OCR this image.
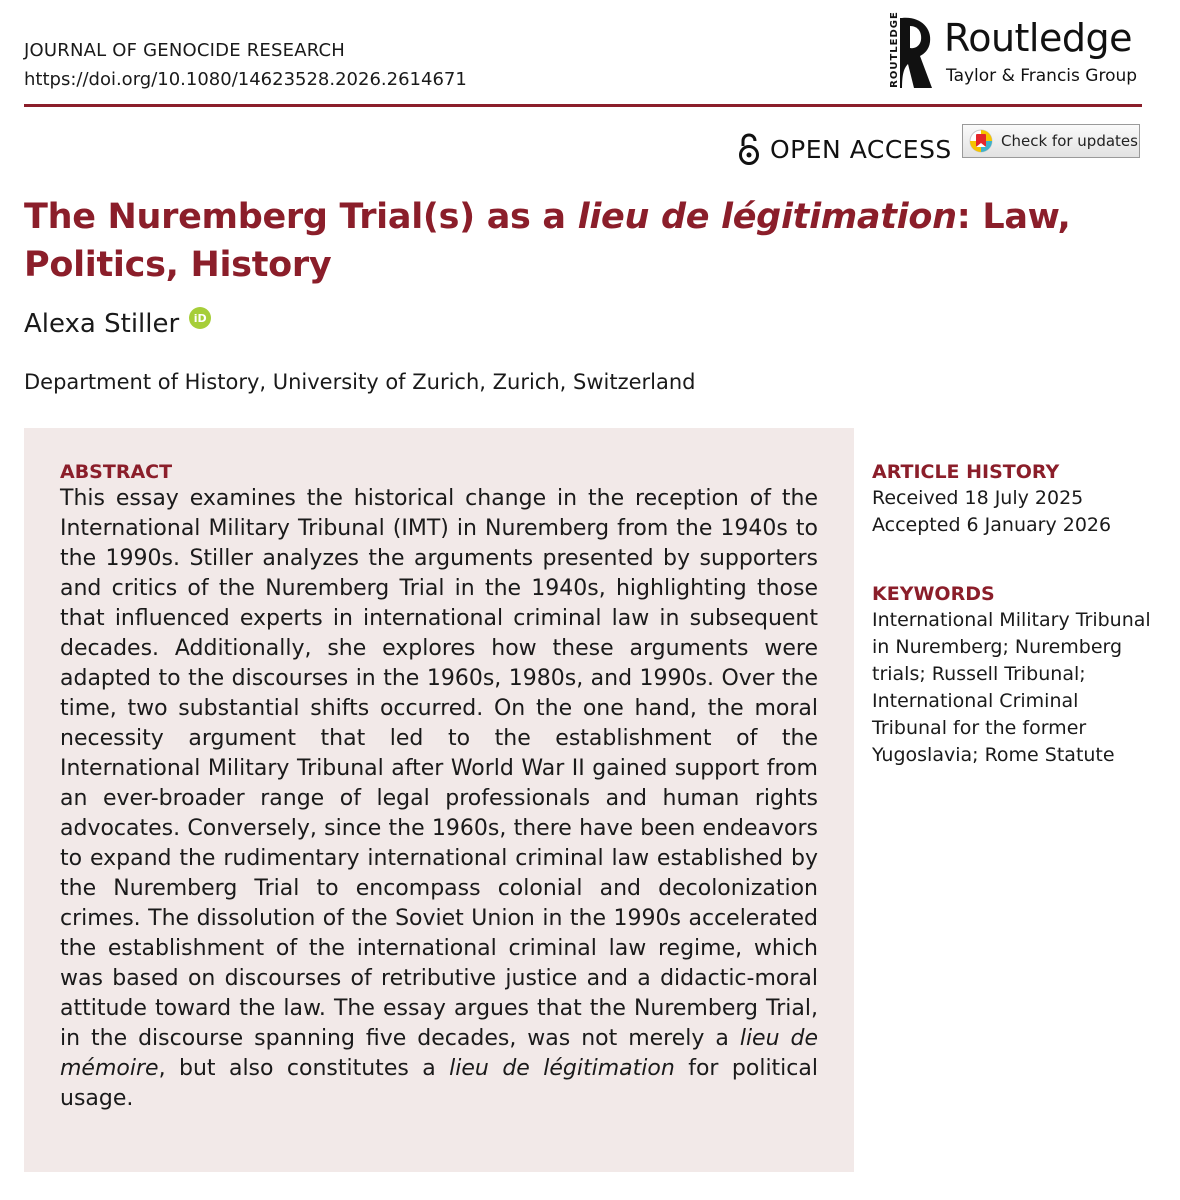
JOURNAL OF GENOCIDE RESEARCH
https://doi.org/10.1080/14623528.2026.2614671	ROUTLEDGE Routledge
Taylor & Francis Group
OPEN ACCESS	Check for updates
The Nuremberg Trial(s) as a lieu de légitimation: Law, Politics, History
Alexa Stiller	iD
Department of History, University of Zurich, Zurich, Switzerland

ABSTRACT

This essay examines the historical change in the reception of the International Military Tribunal (IMT) in Nuremberg from the 1940s to the 1990s. Stiller analyzes the arguments presented by supporters and critics of the Nuremberg Trial in the 1940s, highlighting those that influenced experts in international criminal law in subsequent decades. Additionally, she explores how these arguments were adapted to the discourses in the 1960s, 1980s, and 1990s. Over the time, two substantial shifts occurred. On the one hand, the moral necessity argument that led to the establishment of the International Military Tribunal after World War II gained support from an ever-broader range of legal professionals and human rights advocates. Conversely, since the 1960s, there have been endeavors to expand the rudimentary international criminal law established by the Nuremberg Trial to encompass colonial and decolonization crimes. The dissolution of the Soviet Union in the 1990s accelerated the establishment of the international criminal law regime, which was based on discourses of retributive justice and a didactic-moral attitude toward the law. The essay argues that the Nuremberg Trial, in the discourse spanning five decades, was not merely a lieu de mémoire, but also constitutes a lieu de légitimation for political usage.

ARTICLE HISTORY

Received 18 July 2025

Accepted 6 January 2026

KEYWORDS

International Military Tribunal in Nuremberg; Nuremberg trials; Russell Tribunal; International Criminal Tribunal for the former Yugoslavia; Rome Statute
